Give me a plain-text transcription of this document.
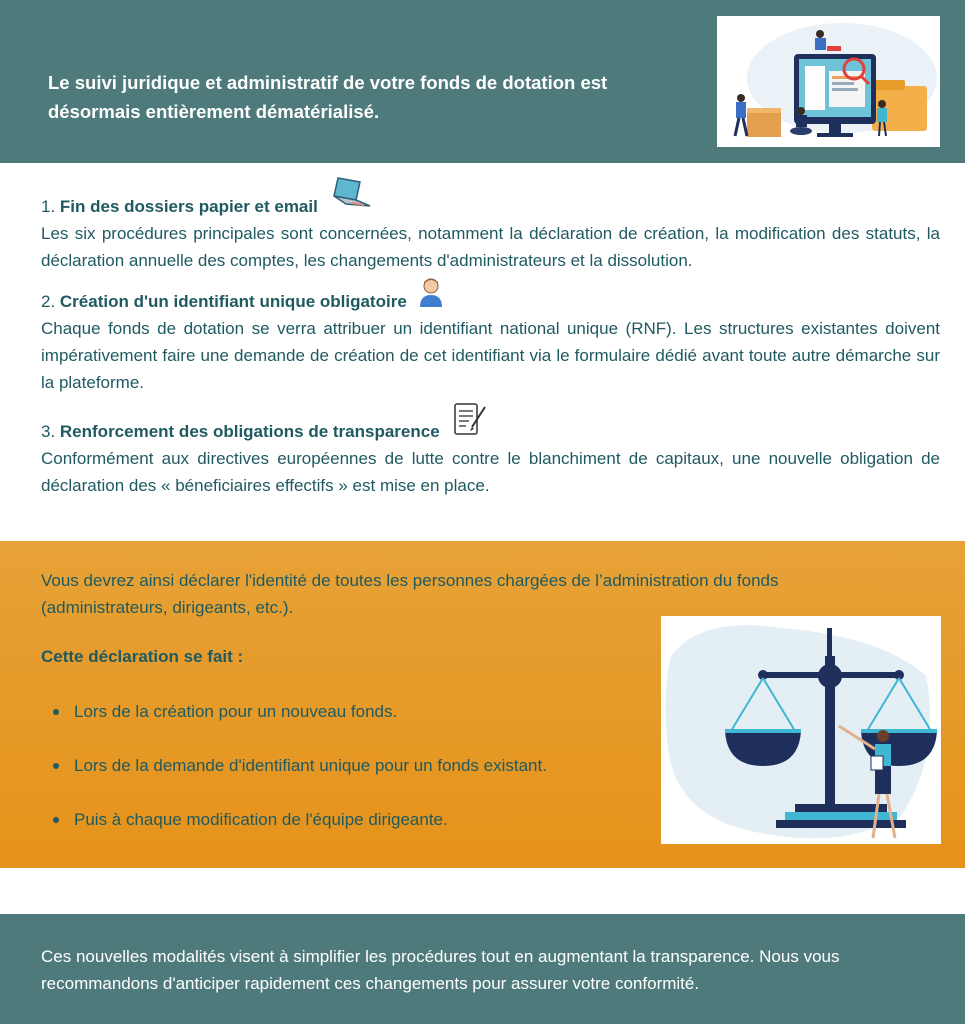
Le suivi juridique et administratif de votre fonds de dotation est désormais entièrement dématérialisé.
1. Fin des dossiers papier et email
Les six procédures principales sont concernées, notamment la déclaration de création, la modification des statuts, la déclaration annuelle des comptes, les changements d'administrateurs et la dissolution.
2. Création d'un identifiant unique obligatoire
Chaque fonds de dotation se verra attribuer un identifiant national unique (RNF). Les structures existantes doivent impérativement faire une demande de création de cet identifiant via le formulaire dédié avant toute autre démarche sur la plateforme.
3. Renforcement des obligations de transparence
Conformément aux directives européennes de lutte contre le blanchiment de capitaux, une nouvelle obligation de déclaration des « béneficiaires effectifs » est mise en place.
Vous devrez ainsi déclarer l'identité de toutes les personnes chargées de l’administration du fonds (administrateurs, dirigeants, etc.).
Cette déclaration se fait :
Lors de la création pour un nouveau fonds.
Lors de la demande d'identifiant unique pour un fonds existant.
Puis à chaque modification de l'équipe dirigeante.
Ces nouvelles modalités visent à simplifier les procédures tout en augmentant la transparence. Nous vous recommandons d'anticiper rapidement ces changements pour assurer votre conformité.
